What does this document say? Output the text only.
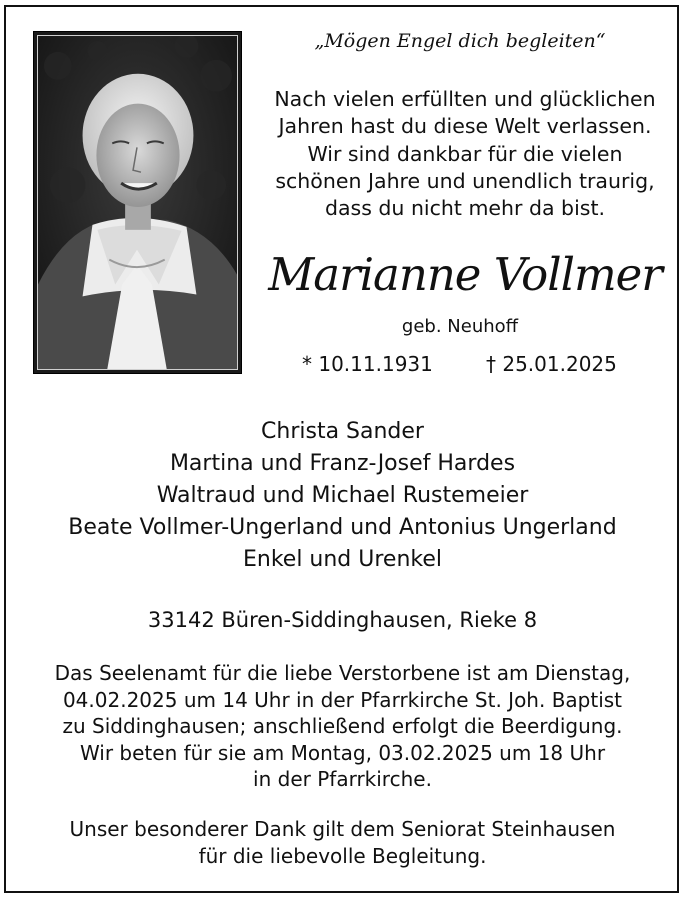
„Mögen Engel dich begleiten“
Nach vielen erfüllten und glücklichen
Jahren hast du diese Welt verlassen.
Wir sind dankbar für die vielen
schönen Jahre und unendlich traurig,
dass du nicht mehr da bist.
Marianne Vollmer
geb. Neuhoff
* 10.11.1931	† 25.01.2025
Christa Sander
Martina und Franz-Josef Hardes
Waltraud und Michael Rustemeier
Beate Vollmer-Ungerland und Antonius Ungerland
Enkel und Urenkel
33142 Büren-Siddinghausen, Rieke 8
Das Seelenamt für die liebe Verstorbene ist am Dienstag,
04.02.2025 um 14 Uhr in der Pfarrkirche St. Joh. Baptist
zu Siddinghausen; anschließend erfolgt die Beerdigung.
Wir beten für sie am Montag, 03.02.2025 um 18 Uhr
in der Pfarrkirche.
Unser besonderer Dank gilt dem Seniorat Steinhausen
für die liebevolle Begleitung.
